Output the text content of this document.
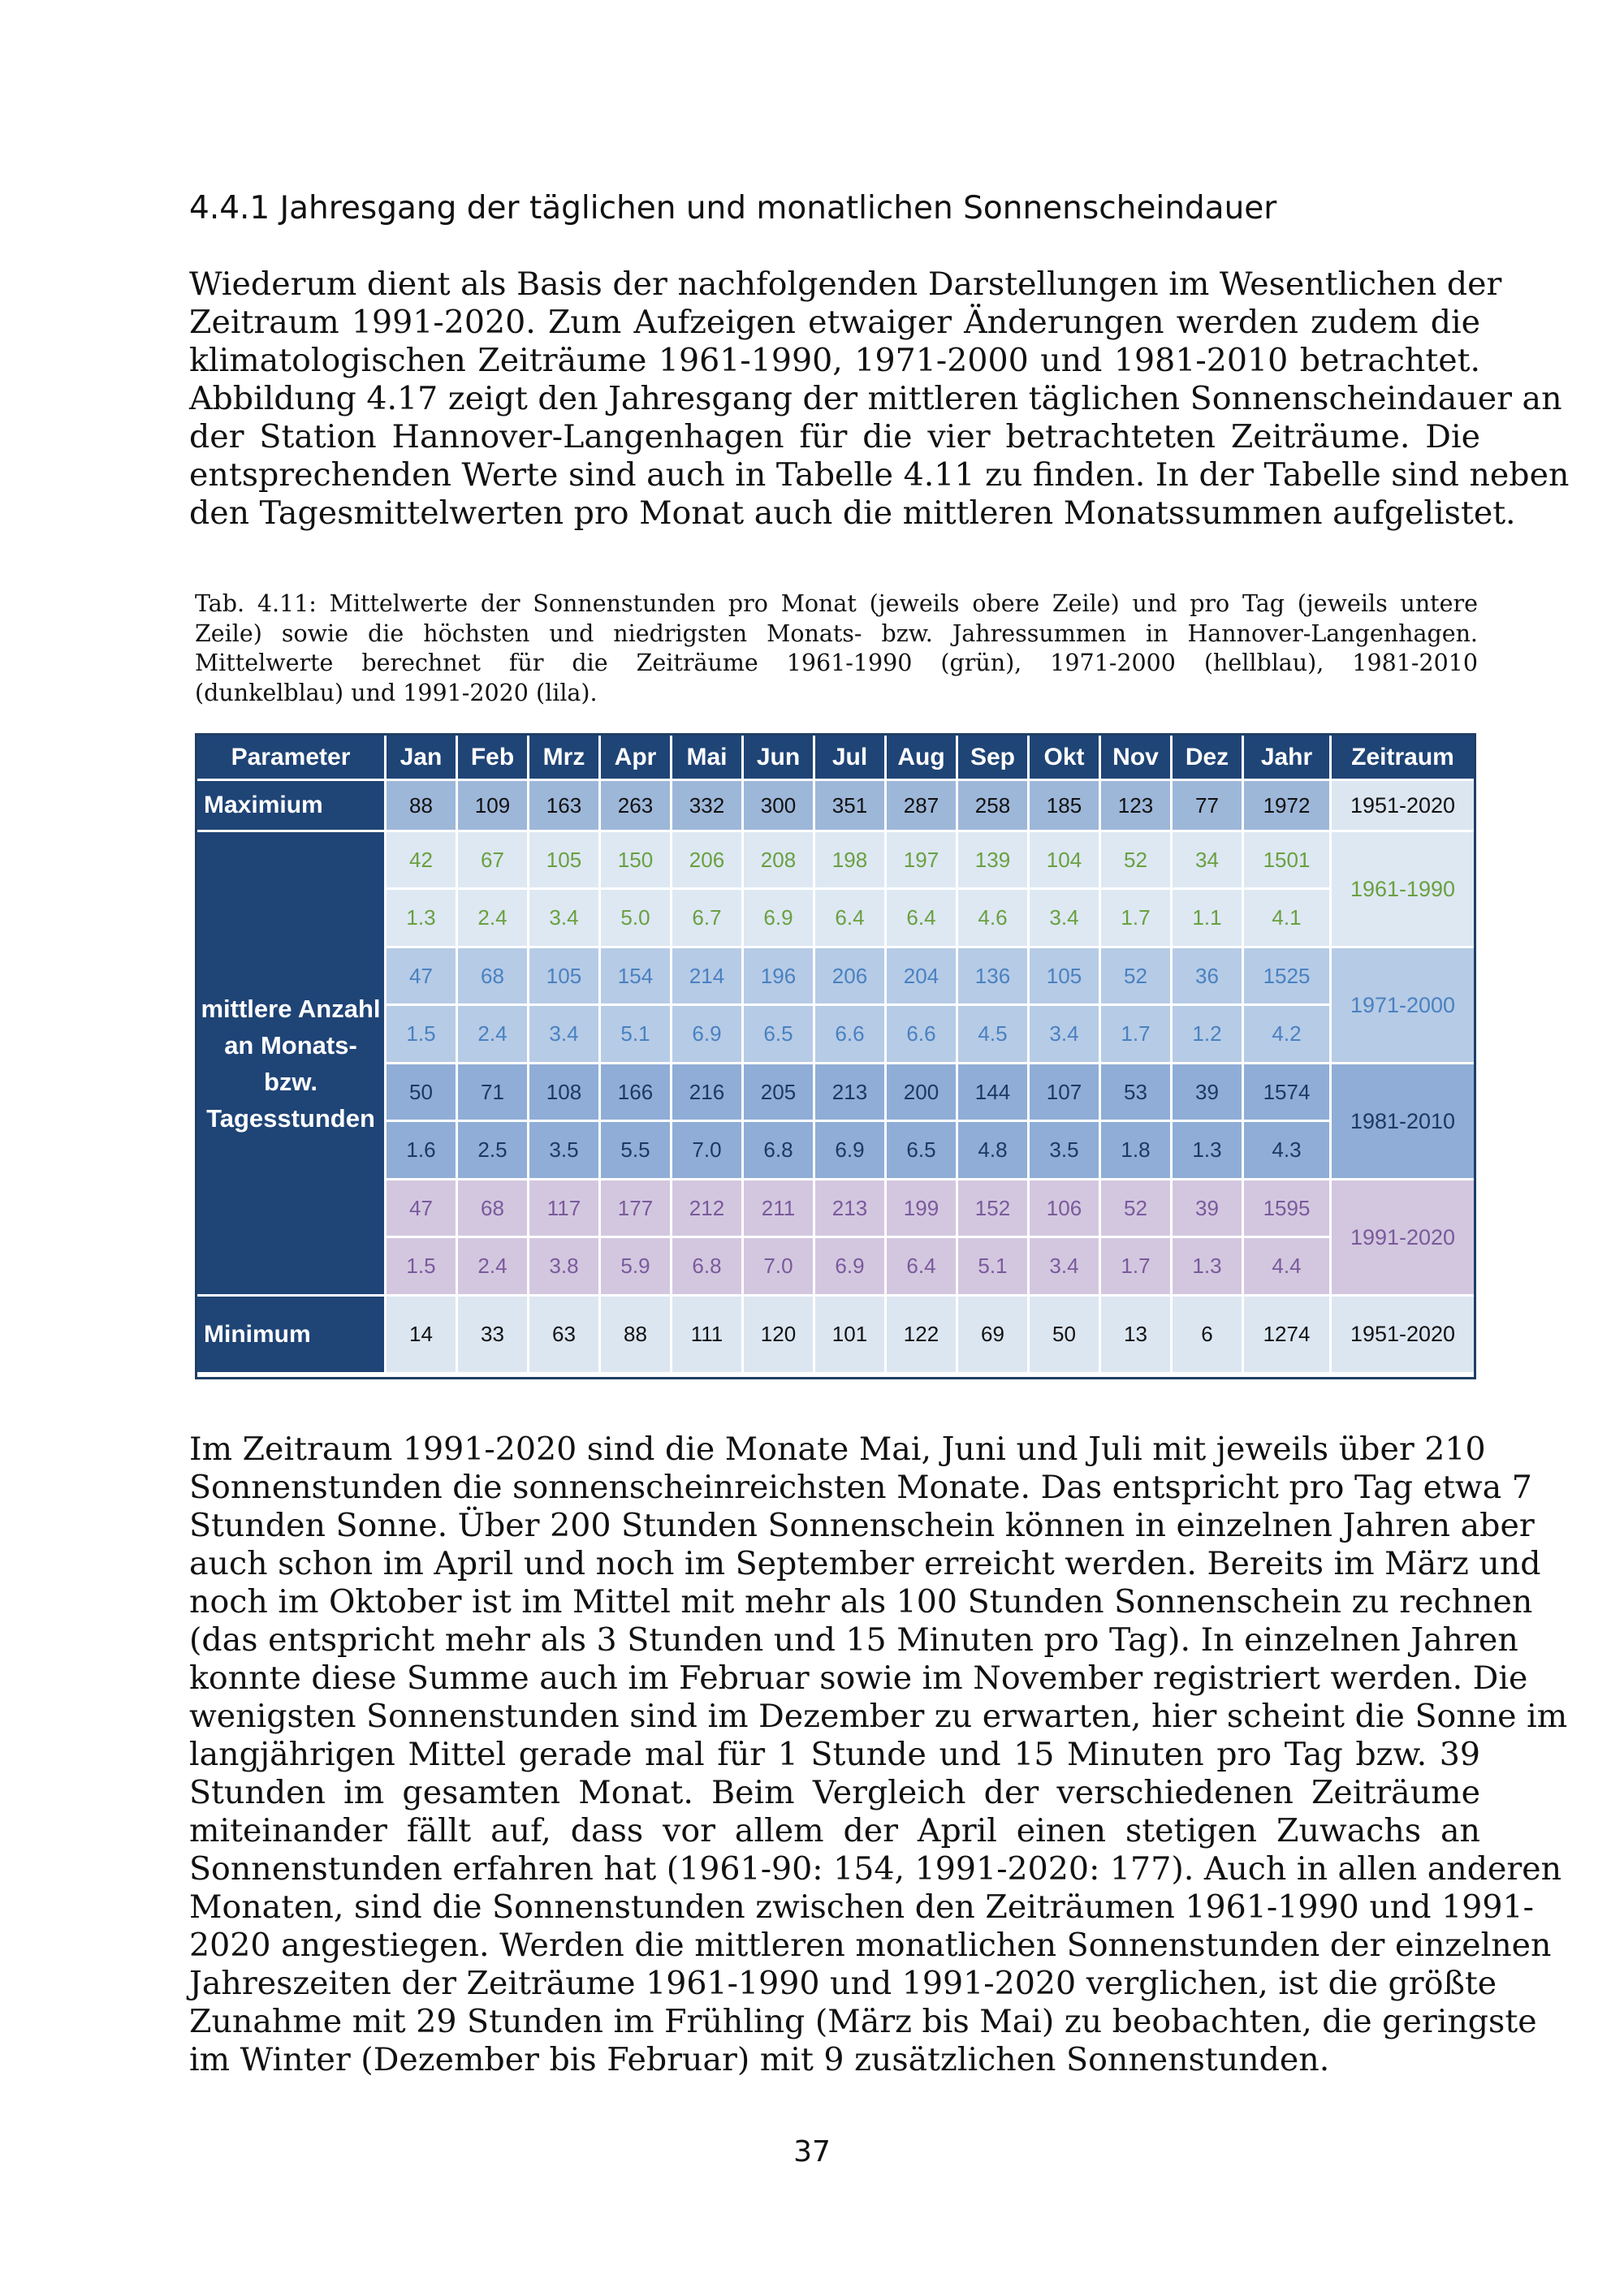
4.4.1 Jahresgang der täglichen und monatlichen Sonnenscheindauer
Wiederum dient als Basis der nachfolgenden Darstellungen im Wesentlichen der
Zeitraum 1991-2020. Zum Aufzeigen etwaiger Änderungen werden zudem die
klimatologischen Zeiträume 1961-1990, 1971-2000 und 1981-2010 betrachtet.
Abbildung 4.17 zeigt den Jahresgang der mittleren täglichen Sonnenscheindauer an
der Station Hannover-Langenhagen für die vier betrachteten Zeiträume. Die
entsprechenden Werte sind auch in Tabelle 4.11 zu finden. In der Tabelle sind neben
den Tagesmittelwerten pro Monat auch die mittleren Monatssummen aufgelistet.
Tab. 4.11: Mittelwerte der Sonnenstunden pro Monat (jeweils obere Zeile) und pro Tag (jeweils untere
Zeile) sowie die höchsten und niedrigsten Monats- bzw. Jahressummen in Hannover-Langenhagen.
Mittelwerte berechnet für die Zeiträume 1961-1990 (grün), 1971-2000 (hellblau), 1981-2010
(dunkelblau) und 1991-2020 (lila).
Parameter	Jan	Feb	Mrz	Apr	Mai	Jun	Jul	Aug	Sep	Okt	Nov	Dez	Jahr	Zeitraum
Maximium	88	109	163	263	332	300	351	287	258	185	123	77	1972	1951-2020
mittlere Anzahl
an Monats-
bzw.
Tagesstunden
42	67	105	150	206	208	198	197	139	104	52	34	1501
1.3	2.4	3.4	5.0	6.7	6.9	6.4	6.4	4.6	3.4	1.7	1.1	4.1
1961-1990
47	68	105	154	214	196	206	204	136	105	52	36	1525
1.5	2.4	3.4	5.1	6.9	6.5	6.6	6.6	4.5	3.4	1.7	1.2	4.2
1971-2000
50	71	108	166	216	205	213	200	144	107	53	39	1574
1.6	2.5	3.5	5.5	7.0	6.8	6.9	6.5	4.8	3.5	1.8	1.3	4.3
1981-2010
47	68	117	177	212	211	213	199	152	106	52	39	1595
1.5	2.4	3.8	5.9	6.8	7.0	6.9	6.4	5.1	3.4	1.7	1.3	4.4
1991-2020
Minimum	14	33	63	88	111	120	101	122	69	50	13	6	1274	1951-2020
Im Zeitraum 1991-2020 sind die Monate Mai, Juni und Juli mit jeweils über 210
Sonnenstunden die sonnenscheinreichsten Monate. Das entspricht pro Tag etwa 7
Stunden Sonne. Über 200 Stunden Sonnenschein können in einzelnen Jahren aber
auch schon im April und noch im September erreicht werden. Bereits im März und
noch im Oktober ist im Mittel mit mehr als 100 Stunden Sonnenschein zu rechnen
(das entspricht mehr als 3 Stunden und 15 Minuten pro Tag). In einzelnen Jahren
konnte diese Summe auch im Februar sowie im November registriert werden. Die
wenigsten Sonnenstunden sind im Dezember zu erwarten, hier scheint die Sonne im
langjährigen Mittel gerade mal für 1 Stunde und 15 Minuten pro Tag bzw. 39
Stunden im gesamten Monat. Beim Vergleich der verschiedenen Zeiträume
miteinander fällt auf, dass vor allem der April einen stetigen Zuwachs an
Sonnenstunden erfahren hat (1961-90: 154, 1991-2020: 177). Auch in allen anderen
Monaten, sind die Sonnenstunden zwischen den Zeiträumen 1961-1990 und 1991-
2020 angestiegen. Werden die mittleren monatlichen Sonnenstunden der einzelnen
Jahreszeiten der Zeiträume 1961-1990 und 1991-2020 verglichen, ist die größte
Zunahme mit 29 Stunden im Frühling (März bis Mai) zu beobachten, die geringste
im Winter (Dezember bis Februar) mit 9 zusätzlichen Sonnenstunden.
37
